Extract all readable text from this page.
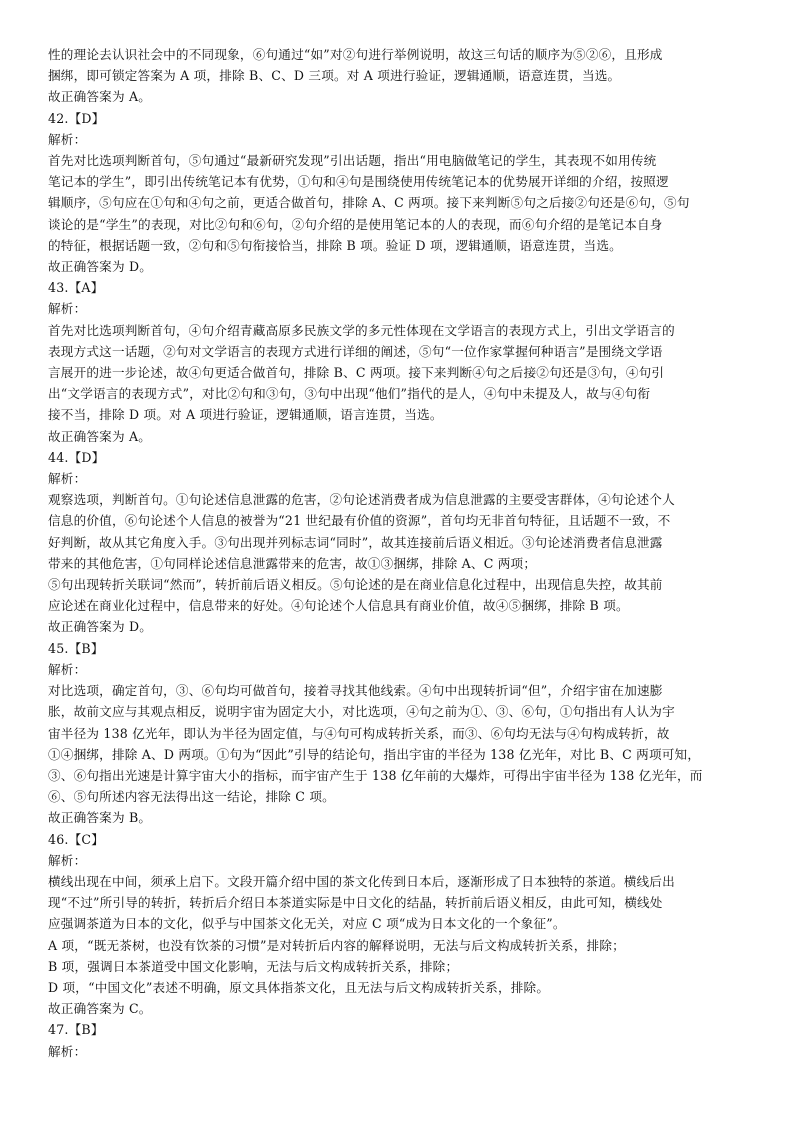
性的理论去认识社会中的不同现象，⑥句通过“如”对②句进行举例说明，故这三句话的顺序为⑤②⑥，且形成
捆绑，即可锁定答案为 A 项，排除 B、C、D 三项。对 A 项进行验证，逻辑通顺，语意连贯，当选。
故正确答案为 A。
42.【D】
解析：
首先对比选项判断首句，⑤句通过“最新研究发现”引出话题，指出“用电脑做笔记的学生，其表现不如用传统
笔记本的学生”，即引出传统笔记本有优势，①句和④句是围绕使用传统笔记本的优势展开详细的介绍，按照逻
辑顺序，⑤句应在①句和④句之前，更适合做首句，排除 A、C 两项。接下来判断⑤句之后接②句还是⑥句，⑤句
谈论的是“学生”的表现，对比②句和⑥句，②句介绍的是使用笔记本的人的表现，而⑥句介绍的是笔记本自身
的特征，根据话题一致，②句和⑤句衔接恰当，排除 B 项。验证 D 项，逻辑通顺，语意连贯，当选。
故正确答案为 D。
43.【A】
解析：
首先对比选项判断首句，④句介绍青藏高原多民族文学的多元性体现在文学语言的表现方式上，引出文学语言的
表现方式这一话题，②句对文学语言的表现方式进行详细的阐述，⑤句“一位作家掌握何种语言”是围绕文学语
言展开的进一步论述，故④句更适合做首句，排除 B、C 两项。接下来判断④句之后接②句还是③句，④句引
出“文学语言的表现方式”，对比②句和③句，③句中出现“他们”指代的是人，④句中未提及人，故与④句衔
接不当，排除 D 项。对 A 项进行验证，逻辑通顺，语言连贯，当选。
故正确答案为 A。
44.【D】
解析：
观察选项，判断首句。①句论述信息泄露的危害，②句论述消费者成为信息泄露的主要受害群体，④句论述个人
信息的价值，⑥句论述个人信息的被誉为“21 世纪最有价值的资源”，首句均无非首句特征，且话题不一致，不
好判断，故从其它角度入手。③句出现并列标志词“同时”，故其连接前后语义相近。③句论述消费者信息泄露
带来的其他危害，①句同样论述信息泄露带来的危害，故①③捆绑，排除 A、C 两项；
⑤句出现转折关联词“然而”，转折前后语义相反。⑤句论述的是在商业信息化过程中，出现信息失控，故其前
应论述在商业化过程中，信息带来的好处。④句论述个人信息具有商业价值，故④⑤捆绑，排除 B 项。
故正确答案为 D。
45.【B】
解析：
对比选项，确定首句，③、⑥句均可做首句，接着寻找其他线索。④句中出现转折词“但”，介绍宇宙在加速膨
胀，故前文应与其观点相反，说明宇宙为固定大小，对比选项，④句之前为①、③、⑥句，①句指出有人认为宇
宙半径为 138 亿光年，即认为半径为固定值，与④句可构成转折关系，而③、⑥句均无法与④句构成转折，故
①④捆绑，排除 A、D 两项。①句为“因此”引导的结论句，指出宇宙的半径为 138 亿光年，对比 B、C 两项可知，
③、⑥句指出光速是计算宇宙大小的指标，而宇宙产生于 138 亿年前的大爆炸，可得出宇宙半径为 138 亿光年，而
⑥、⑤句所述内容无法得出这一结论，排除 C 项。
故正确答案为 B。
46.【C】
解析：
横线出现在中间，须承上启下。文段开篇介绍中国的茶文化传到日本后，逐渐形成了日本独特的茶道。横线后出
现“不过”所引导的转折，转折后介绍日本茶道实际是中日文化的结晶，转折前后语义相反，由此可知，横线处
应强调茶道为日本的文化，似乎与中国茶文化无关，对应 C 项“成为日本文化的一个象征”。
A 项，“既无茶树，也没有饮茶的习惯”是对转折后内容的解释说明，无法与后文构成转折关系，排除；
B 项，强调日本茶道受中国文化影响，无法与后文构成转折关系，排除；
D 项，“中国文化”表述不明确，原文具体指茶文化，且无法与后文构成转折关系，排除。
故正确答案为 C。
47.【B】
解析：
